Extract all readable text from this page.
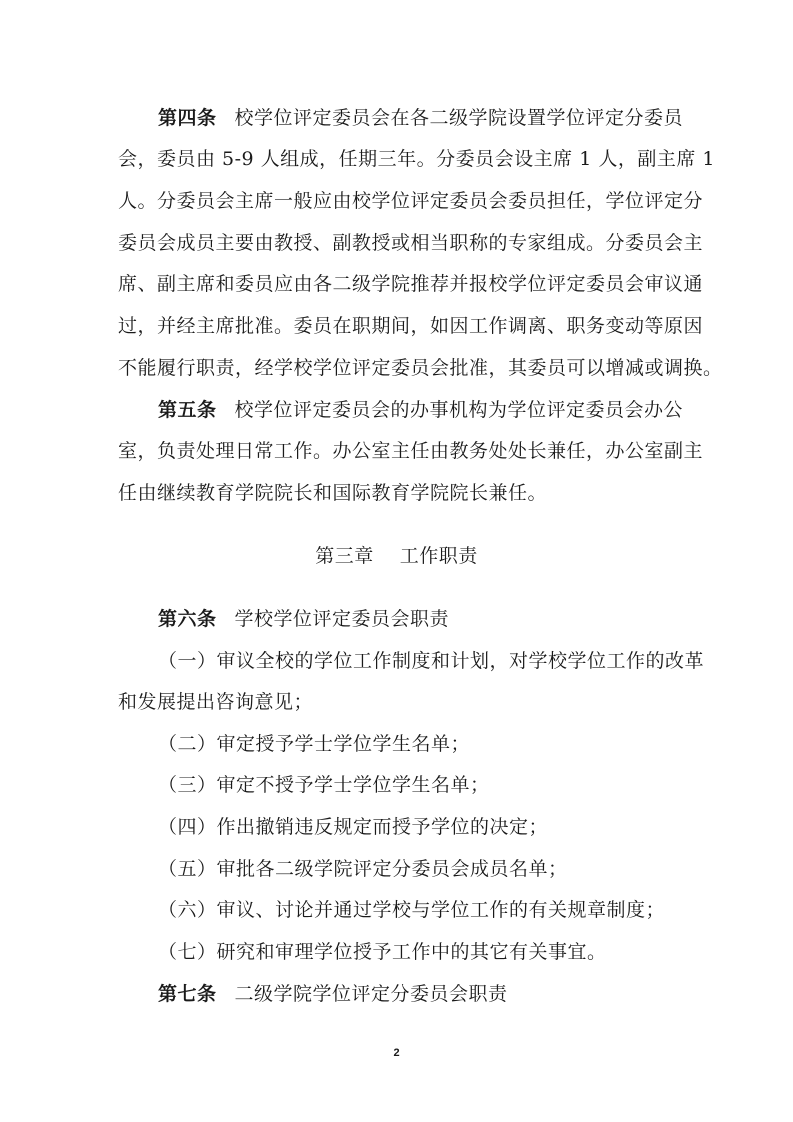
第四条 校学位评定委员会在各二级学院设置学位评定分委员
会，委员由 5-9 人组成，任期三年。分委员会设主席 1 人，副主席 1
人。分委员会主席一般应由校学位评定委员会委员担任，学位评定分
委员会成员主要由教授、副教授或相当职称的专家组成。分委员会主
席、副主席和委员应由各二级学院推荐并报校学位评定委员会审议通
过，并经主席批准。委员在职期间，如因工作调离、职务变动等原因
不能履行职责，经学校学位评定委员会批准，其委员可以增减或调换。
第五条 校学位评定委员会的办事机构为学位评定委员会办公
室，负责处理日常工作。办公室主任由教务处处长兼任，办公室副主
任由继续教育学院院长和国际教育学院院长兼任。
第三章 工作职责
第六条 学校学位评定委员会职责
（一）审议全校的学位工作制度和计划，对学校学位工作的改革
和发展提出咨询意见；
（二）审定授予学士学位学生名单；
（三）审定不授予学士学位学生名单；
（四）作出撤销违反规定而授予学位的决定；
（五）审批各二级学院评定分委员会成员名单；
（六）审议、讨论并通过学校与学位工作的有关规章制度；
（七）研究和审理学位授予工作中的其它有关事宜。
第七条 二级学院学位评定分委员会职责
2
